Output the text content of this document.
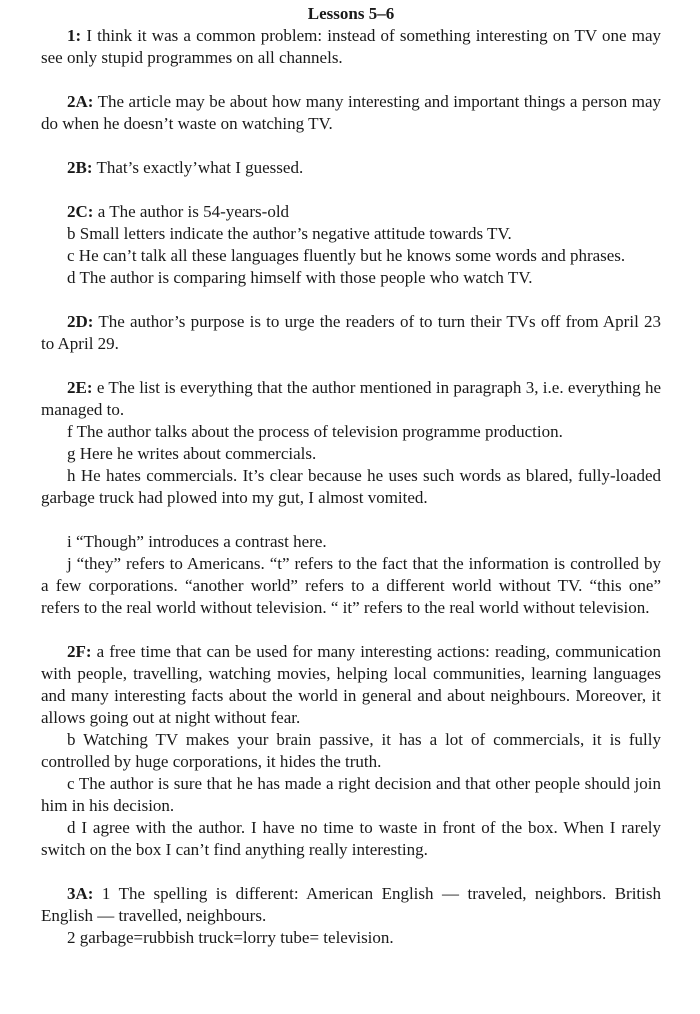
Lessons 5–6

1: I think it was a common problem: instead of something interesting on TV one may see only stupid programmes on all channels.

2A: The article may be about how many interesting and important things a person may do when he doesn’t waste on watching TV.

2B: That’s exactly’what I guessed.

2C: a The author is 54-years-old

b Small letters indicate the author’s negative attitude towards TV.

c He can’t talk all these languages fluently but he knows some words and phrases.

d The author is comparing himself with those people who watch TV.

2D: The author’s purpose is to urge the readers of to turn their TVs off from April 23 to April 29.

2E: e The list is everything that the author mentioned in paragraph 3, i.e. everything he managed to.

f The author talks about the process of television programme production.

g Here he writes about commercials.

h He hates commercials. It’s clear because he uses such words as blared, fully-loaded garbage truck had plowed into my gut, I almost vomited.

i “Though” introduces a contrast here.

j “they” refers to Americans. “t” refers to the fact that the information is controlled by a few corporations. “another world” refers to a different world without TV. “this one” refers to the real world without television. “ it” refers to the real world without television.

2F: a free time that can be used for many interesting actions: reading, communication with people, travelling, watching movies, helping local communities, learning languages and many interesting facts about the world in general and about neighbours. Moreover, it allows going out at night without fear.

b Watching TV makes your brain passive, it has a lot of commercials, it is fully controlled by huge corporations, it hides the truth.

c The author is sure that he has made a right decision and that other people should join him in his decision.

d I agree with the author. I have no time to waste in front of the box. When I rarely switch on the box I can’t find anything really interesting.

3A: 1 The spelling is different: American English — traveled, neighbors. British English — travelled, neighbours.

2 garbage=rubbish truck=lorry tube= television.
